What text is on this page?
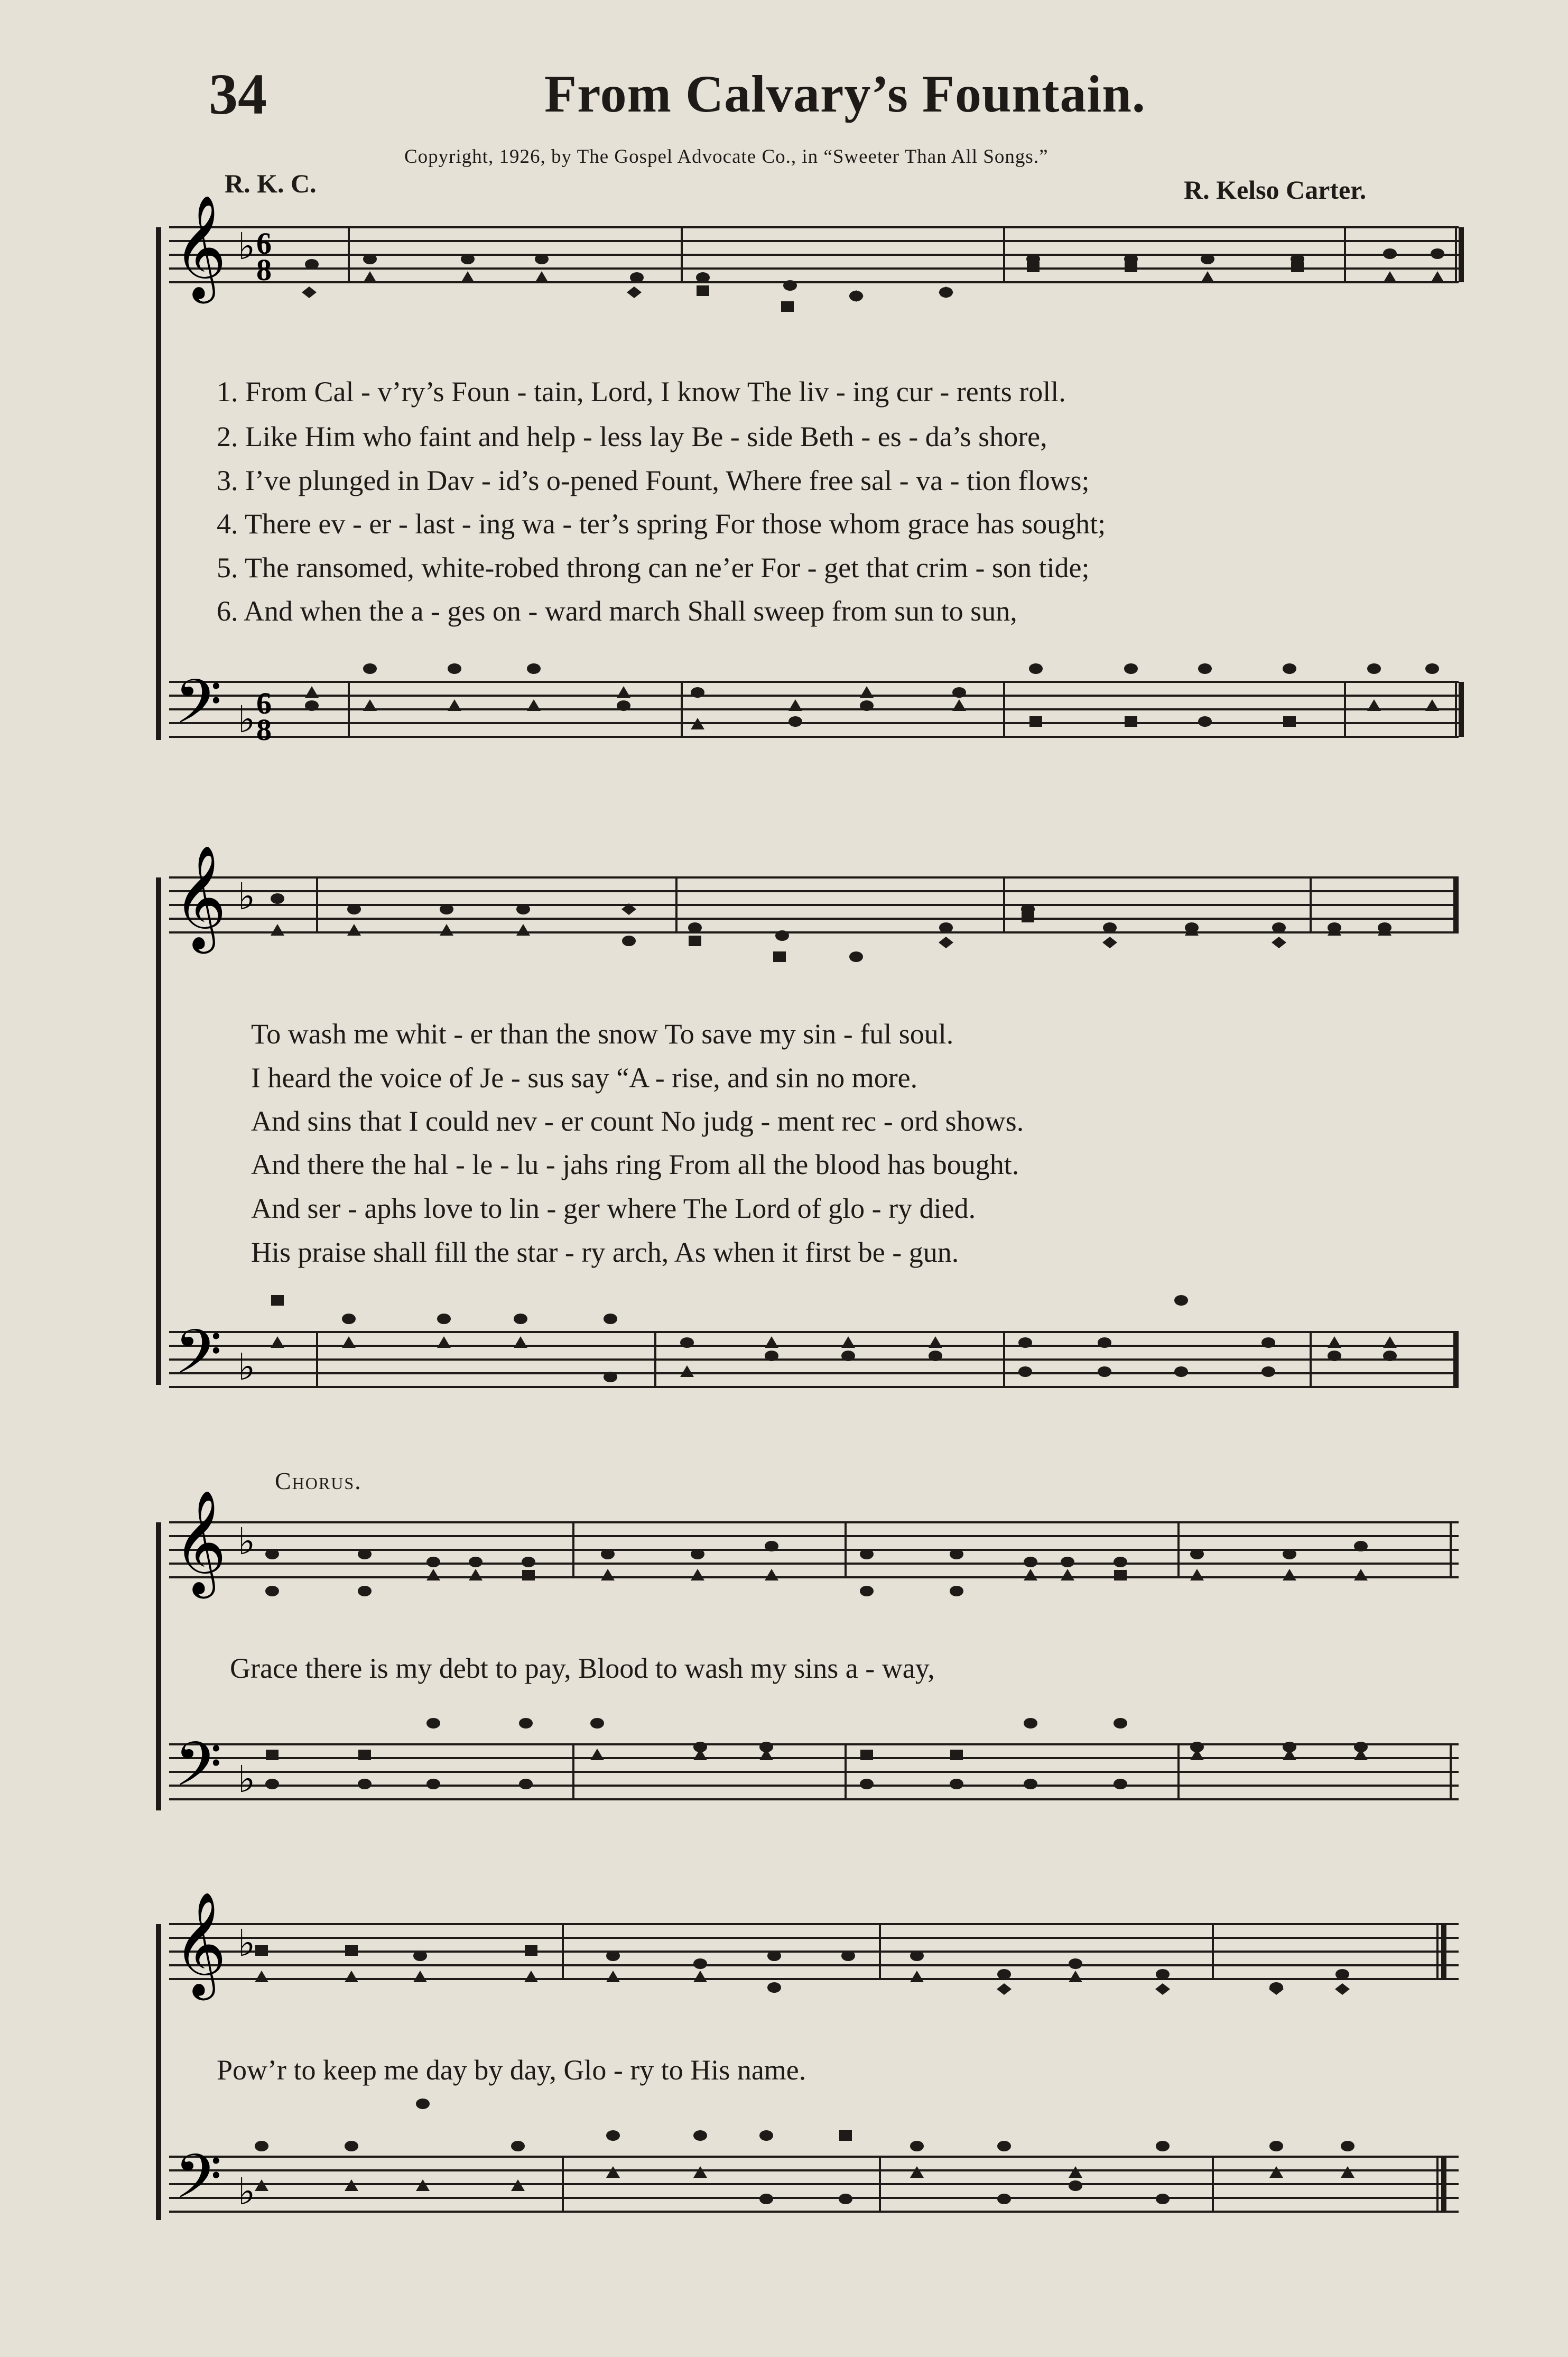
34	From Calvary’s Fountain.
Copyright, 1926, by The Gospel Advocate Co., in “Sweeter Than All Songs.”
R. K. C.	R. Kelso Carter.
𝄞
𝄢
♭ 6
8
♭ 6
8
𝄞
𝄢
♭
♭
𝄞
𝄢
♭
♭
𝄞
𝄢
♭
♭
1. From Cal - v’ry’s Foun - tain, Lord, I know The liv - ing cur - rents roll.
2. Like Him who faint and help - less lay Be - side Beth - es - da’s shore,
3. I’ve plunged in Dav - id’s o-pened Fount, Where free sal - va - tion flows;
4. There ev - er - last - ing wa - ter’s spring For those whom grace has sought;
5. The ransomed, white-robed throng can ne’er For - get that crim - son tide;
6. And when the a - ges on - ward march Shall sweep from sun to sun,
To wash me whit - er than the snow To save my sin - ful soul.
I heard the voice of Je - sus say “A - rise, and sin no more.
And sins that I could nev - er count No judg - ment rec - ord shows.
And there the hal - le - lu - jahs ring From all the blood has bought.
And ser - aphs love to lin - ger where The Lord of glo - ry died.
His praise shall fill the star - ry arch, As when it first be - gun.
Chorus.
Grace there is my debt to pay, Blood to wash my sins a - way,
Pow’r to keep me day by day, Glo - ry to His name.
